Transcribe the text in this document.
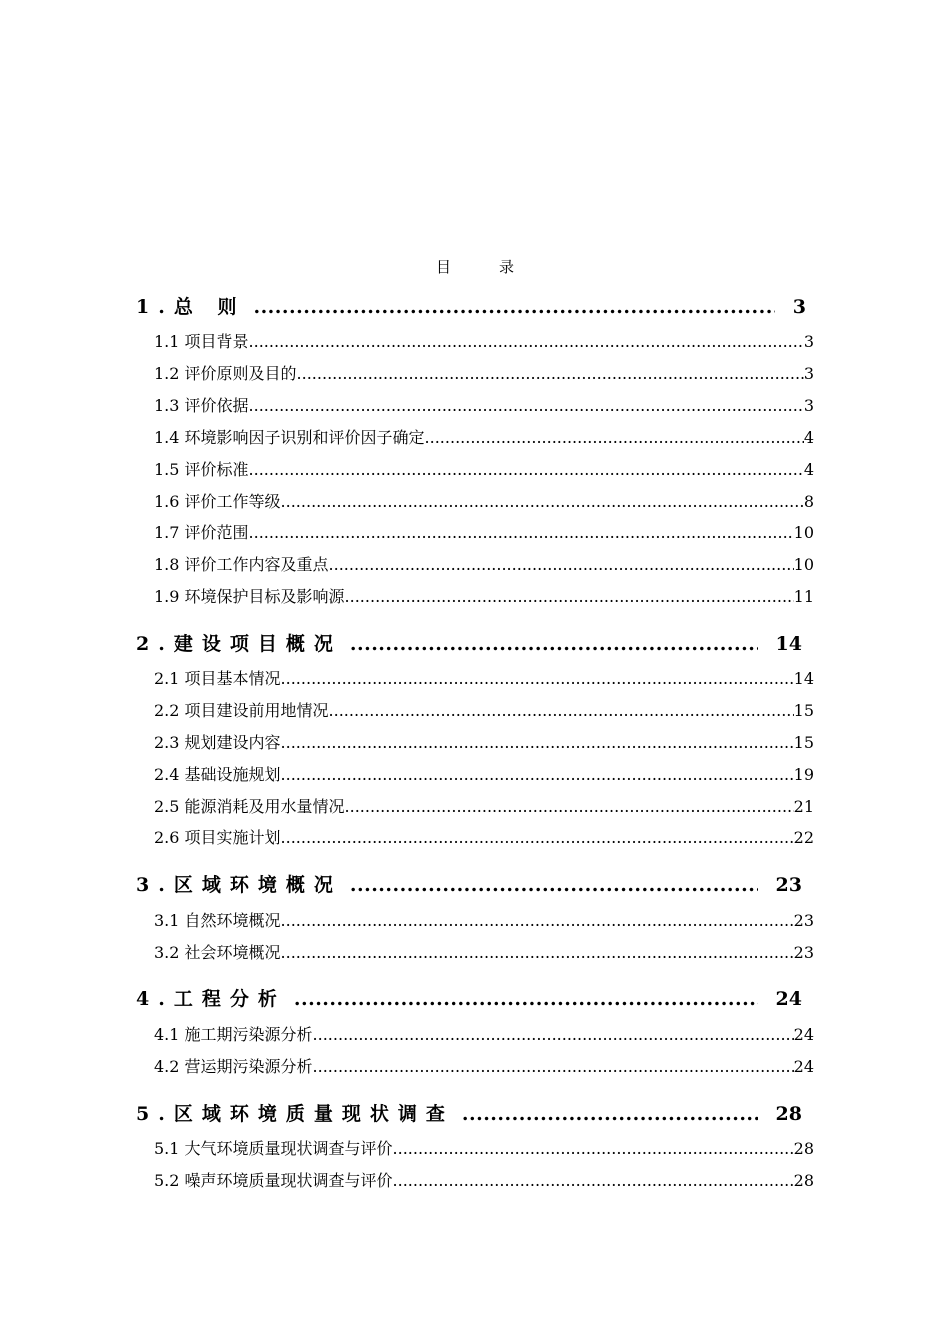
目	录
1.总 则 .....	3
1.1 项目背景 .....	3
1.2 评价原则及目的 .....	3
1.3 评价依据 .....	3
1.4 环境影响因子识别和评价因子确定 .....	4
1.5 评价标准 .....	4
1.6 评价工作等级 .....	8
1.7 评价范围 .....	10
1.8 评价工作内容及重点 .....	10
1.9 环境保护目标及影响源 .....	11
2.建设项目概况 .....	14
2.1 项目基本情况 .....	14
2.2 项目建设前用地情况 .....	15
2.3 规划建设内容 .....	15
2.4 基础设施规划 .....	19
2.5 能源消耗及用水量情况 .....	21
2.6 项目实施计划 .....	22
3.区域环境概况 .....	23
3.1 自然环境概况 .....	23
3.2 社会环境概况 .....	23
4.工程分析 .....	24
4.1 施工期污染源分析 .....	24
4.2 营运期污染源分析 .....	24
5.区域环境质量现状调查 .....	28
5.1 大气环境质量现状调查与评价 .....	28
5.2 噪声环境质量现状调查与评价 .....	28
